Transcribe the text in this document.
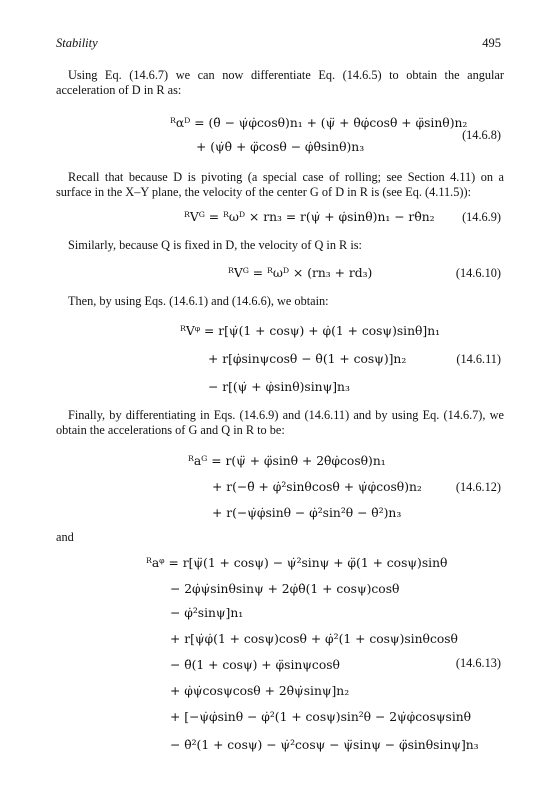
Stability	495
Using Eq. (14.6.7) we can now differentiate Eq. (14.6.5) to obtain the angular acceleration of D in R as:
ᴿαᴰ = (θ̈ − ψ̇φ̇cosθ)n₁ + (ψ̈ + θ̇φ̇cosθ + φ̈sinθ)n₂
+ (ψ̇θ̇ + φ̈cosθ − φ̇θ̇sinθ)n₃
(14.6.8)
Recall that because D is pivoting (a special case of rolling; see Section 4.11) on a surface in the X–Y plane, the velocity of the center G of D in R is (see Eq. (4.11.5)):
ᴿVᴳ = ᴿωᴰ × rn₃ = r(ψ̇ + φ̇sinθ)n₁ − rθ̇n₂ (14.6.9)
Similarly, because Q is fixed in D, the velocity of Q in R is:
ᴿVᴳ = ᴿωᴰ × (rn₃ + rd₃)	(14.6.10)
Then, by using Eqs. (14.6.1) and (14.6.6), we obtain:
ᴿVᵠ = r[ψ̇(1 + cosψ) + φ̇(1 + cosψ)sinθ]n₁
+ r[φ̇sinψcosθ − θ̇(1 + cosψ)]n₂
− r[(ψ̇ + φ̇sinθ)sinψ]n₃
(14.6.11)
Finally, by differentiating in Eqs. (14.6.9) and (14.6.11) and by using Eq. (14.6.7), we obtain the accelerations of G and Q in R to be:
ᴿaᴳ = r(ψ̈ + φ̈sinθ + 2θ̇φ̇cosθ)n₁
+ r(−θ̈ + φ̇²sinθcosθ + ψ̇φ̇cosθ)n₂
+ r(−ψ̇φ̇sinθ − φ̇²sin²θ − θ̇²)n₃
(14.6.12)
and
ᴿaᵠ = r[ψ̈(1 + cosψ) − ψ̇²sinψ + φ̈(1 + cosψ)sinθ
− 2φ̇ψ̇sinθsinψ + 2φ̇θ̇(1 + cosψ)cosθ
− φ̇²sinψ]n₁
+ r[ψ̇φ̇(1 + cosψ)cosθ + φ̇²(1 + cosψ)sinθcosθ
− θ̈(1 + cosψ) + φ̈sinψcosθ
+ φ̇ψ̇cosψcosθ + 2θ̇ψ̇sinψ]n₂
+ [−ψ̇φ̇sinθ − φ̇²(1 + cosψ)sin²θ − 2ψ̇φ̇cosψsinθ
− θ̇²(1 + cosψ) − ψ̇²cosψ − ψ̈sinψ − φ̈sinθsinψ]n₃
(14.6.13)
